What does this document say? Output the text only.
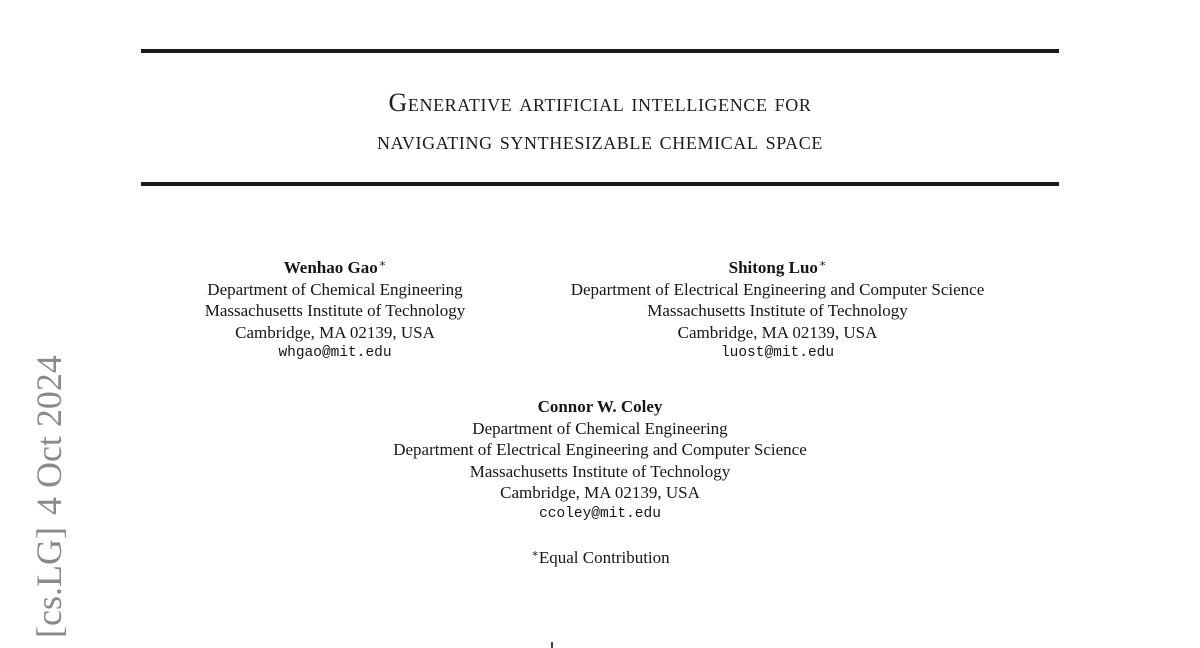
Generative artificial intelligence for
navigating synthesizable chemical space
Wenhao Gao∗
Department of Chemical Engineering
Massachusetts Institute of Technology
Cambridge, MA 02139, USA
whgao@mit.edu
Shitong Luo∗
Department of Electrical Engineering and Computer Science
Massachusetts Institute of Technology
Cambridge, MA 02139, USA
luost@mit.edu
Connor W. Coley
Department of Chemical Engineering
Department of Electrical Engineering and Computer Science
Massachusetts Institute of Technology
Cambridge, MA 02139, USA
ccoley@mit.edu
∗Equal Contribution
[cs.LG]4 Oct 2024
